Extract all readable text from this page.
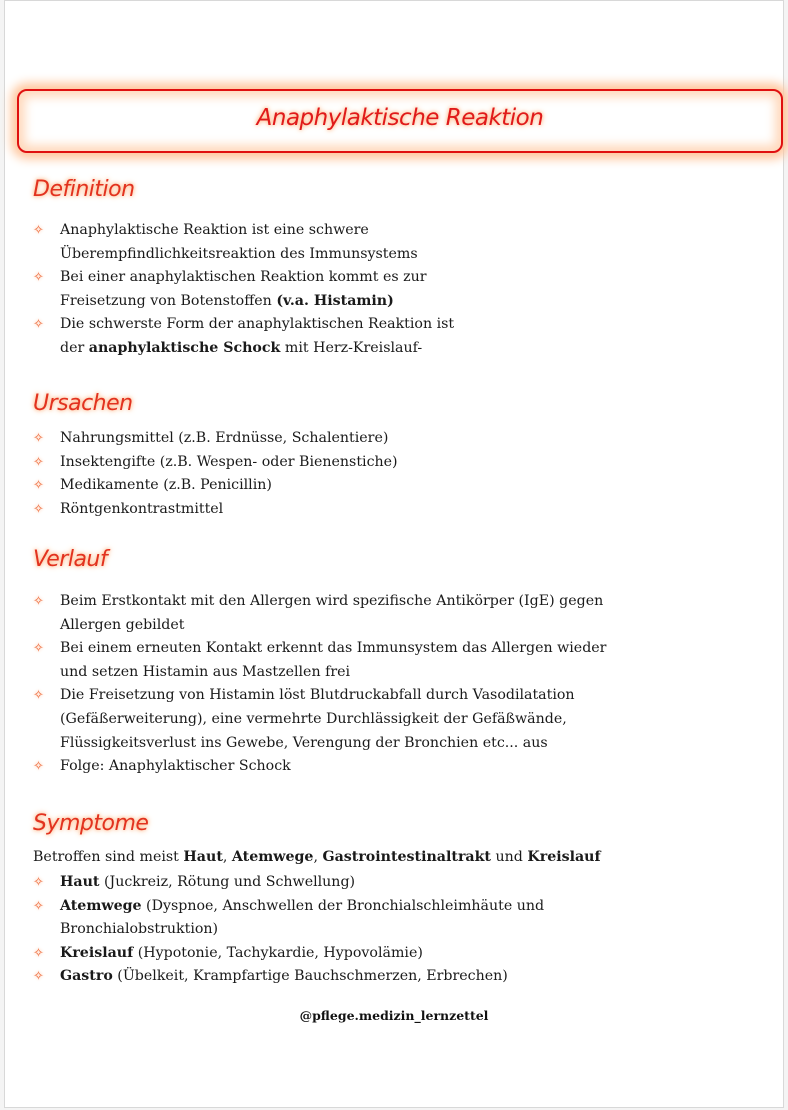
Anaphylaktische Reaktion
Definition
✧ Anaphylaktische Reaktion ist eine schwere
Überempfindlichkeitsreaktion des Immunsystems
✧ Bei einer anaphylaktischen Reaktion kommt es zur
Freisetzung von Botenstoffen (v.a. Histamin)
✧ Die schwerste Form der anaphylaktischen Reaktion ist
der anaphylaktische Schock mit Herz-Kreislauf-
Ursachen
✧ Nahrungsmittel (z.B. Erdnüsse, Schalentiere)
✧ Insektengifte (z.B. Wespen- oder Bienenstiche)
✧ Medikamente (z.B. Penicillin)
✧ Röntgenkontrastmittel
Verlauf
✧ Beim Erstkontakt mit den Allergen wird spezifische Antikörper (IgE) gegen
Allergen gebildet
✧ Bei einem erneuten Kontakt erkennt das Immunsystem das Allergen wieder
und setzen Histamin aus Mastzellen frei
✧ Die Freisetzung von Histamin löst Blutdruckabfall durch Vasodilatation
(Gefäßerweiterung), eine vermehrte Durchlässigkeit der Gefäßwände,
Flüssigkeitsverlust ins Gewebe, Verengung der Bronchien etc... aus
✧ Folge: Anaphylaktischer Schock
Symptome
Betroffen sind meist Haut, Atemwege, Gastrointestinaltrakt und Kreislauf
✧ Haut (Juckreiz, Rötung und Schwellung)
✧ Atemwege (Dyspnoe, Anschwellen der Bronchialschleimhäute und
Bronchialobstruktion)
✧ Kreislauf (Hypotonie, Tachykardie, Hypovolämie)
✧ Gastro (Übelkeit, Krampfartige Bauchschmerzen, Erbrechen)
@pflege.medizin_lernzettel
